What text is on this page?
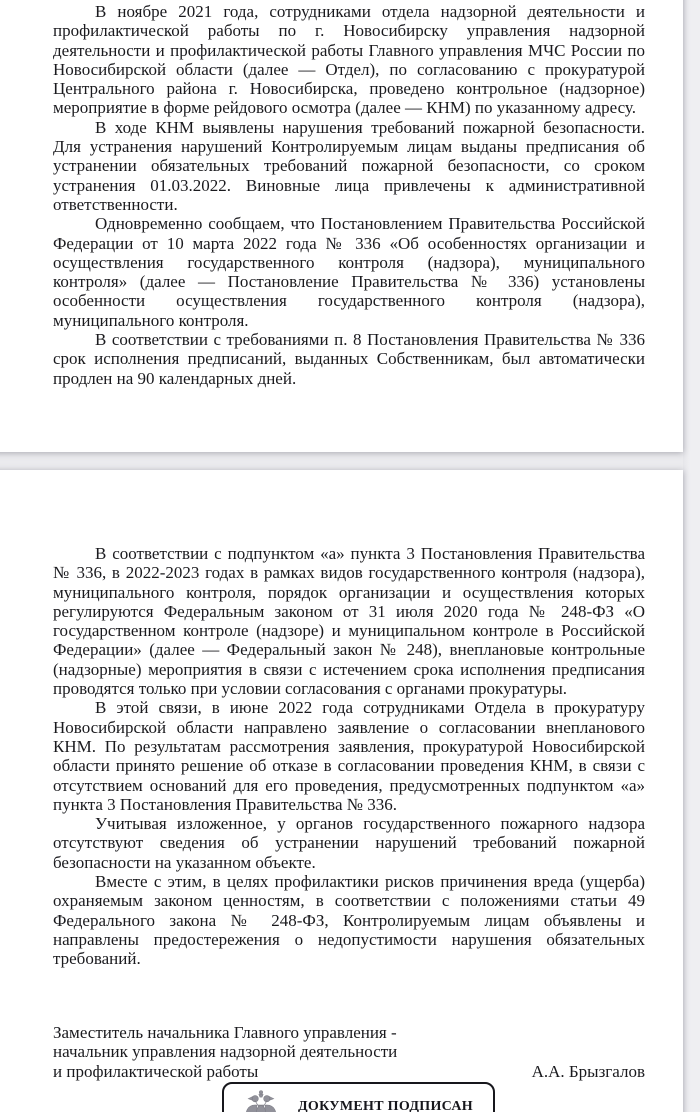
В ноябре 2021 года, сотрудниками отдела надзорной деятельности и профилактической работы по г. Новосибирску управления надзорной деятельности и профилактической работы Главного управления МЧС России по Новосибирской области (далее — Отдел), по согласованию с прокуратурой Центрального района г. Новосибирска, проведено контрольное (надзорное) мероприятие в форме рейдового осмотра (далее — КНМ) по указанному адресу.

В ходе КНМ выявлены нарушения требований пожарной безопасности. Для устранения нарушений Контролируемым лицам выданы предписания об устранении обязательных требований пожарной безопасности, со сроком устранения 01.03.2022. Виновные лица привлечены к административной ответственности.

Одновременно сообщаем, что Постановлением Правительства Российской Федерации от 10 марта 2022 года № 336 «Об особенностях организации и осуществления государственного контроля (надзора), муниципального контроля» (далее — Постановление Правительства № 336) установлены особенности осуществления государственного контроля (надзора), муниципального контроля.

В соответствии с требованиями п. 8 Постановления Правительства № 336 срок исполнения предписаний, выданных Собственникам, был автоматически продлен на 90 календарных дней.

В соответствии с подпунктом «а» пункта 3 Постановления Правительства № 336, в 2022-2023 годах в рамках видов государственного контроля (надзора), муниципального контроля, порядок организации и осуществления которых регулируются Федеральным законом от 31 июля 2020 года № 248-ФЗ «О государственном контроле (надзоре) и муниципальном контроле в Российской Федерации» (далее — Федеральный закон № 248), внеплановые контрольные (надзорные) мероприятия в связи с истечением срока исполнения предписания проводятся только при условии согласования с органами прокуратуры.

В этой связи, в июне 2022 года сотрудниками Отдела в прокуратуру Новосибирской области направлено заявление о согласовании внепланового КНМ. По результатам рассмотрения заявления, прокуратурой Новосибирской области принято решение об отказе в согласовании проведения КНМ, в связи с отсутствием оснований для его проведения, предусмотренных подпунктом «а» пункта 3 Постановления Правительства № 336.

Учитывая изложенное, у органов государственного пожарного надзора отсутствуют сведения об устранении нарушений требований пожарной безопасности на указанном объекте.

Вместе с этим, в целях профилактики рисков причинения вреда (ущерба) охраняемым законом ценностям, в соответствии с положениями статьи 49 Федерального закона № 248-ФЗ, Контролируемым лицам объявлены и направлены предостережения о недопустимости нарушения обязательных требований.

Заместитель начальника Главного управления -
начальник управления надзорной деятельности
и профилактической работы	А.А. Брызгалов
ДОКУМЕНТ ПОДПИСАН
